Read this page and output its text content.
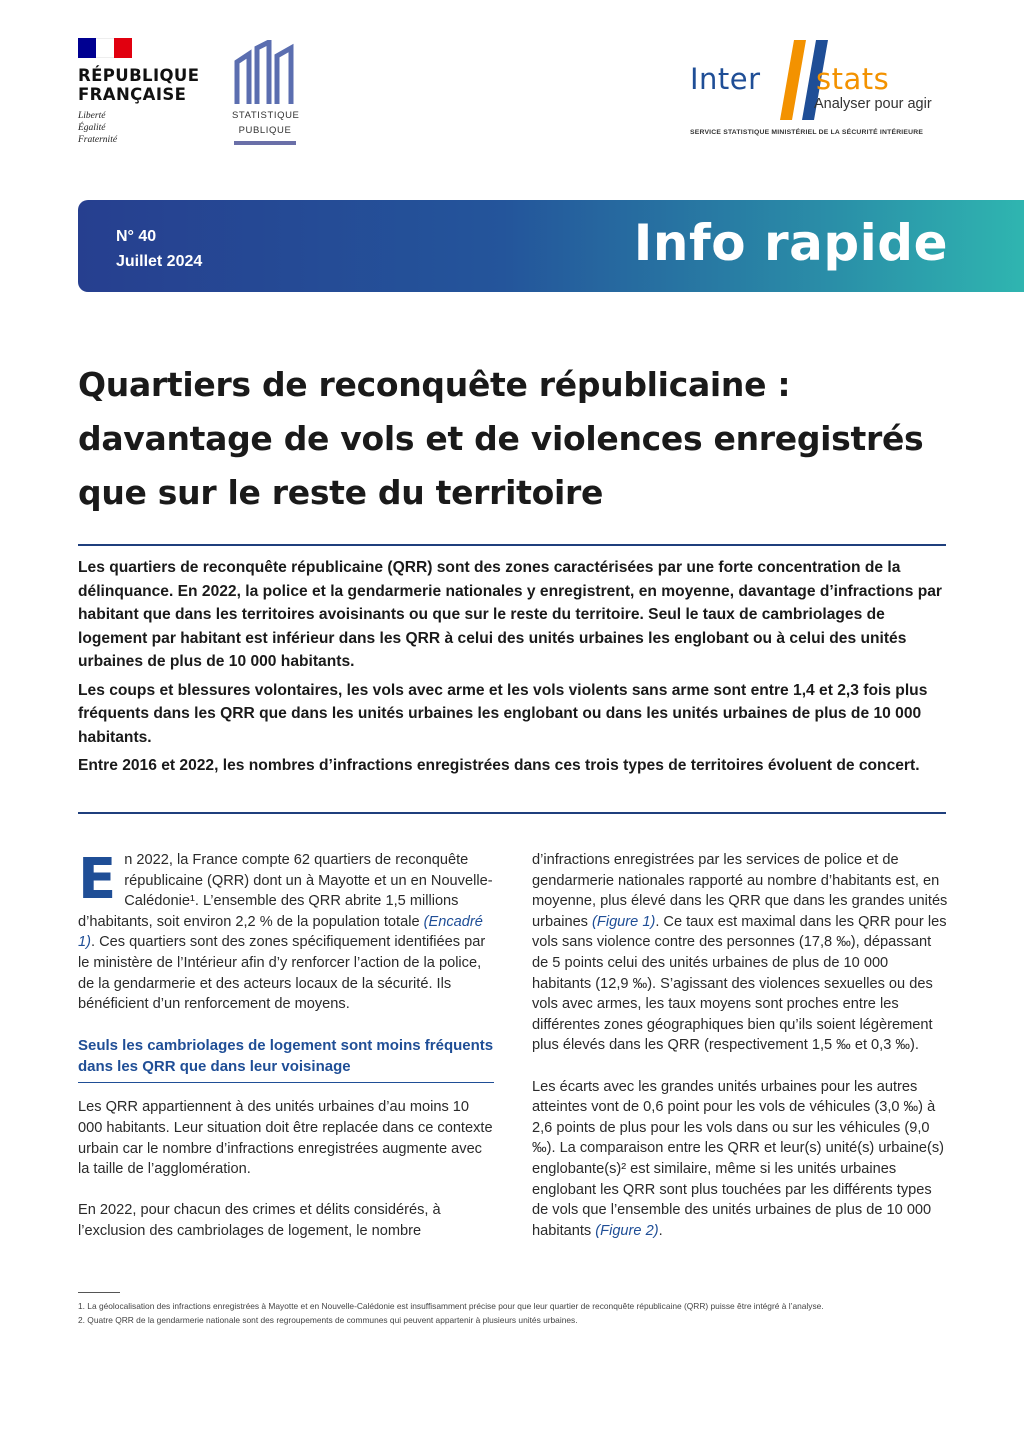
RÉPUBLIQUE
FRANÇAISE
Liberté
Égalité
Fraternité
STATISTIQUE
PUBLIQUE
Inter stats
Analyser pour agir
SERVICE STATISTIQUE MINISTÉRIEL DE LA SÉCURITÉ INTÉRIEURE
N° 40
Juillet 2024	Info rapide
Quartiers de reconquête républicaine :
davantage de vols et de violences enregistrés
que sur le reste du territoire

Les quartiers de reconquête républicaine (QRR) sont des zones caractérisées par une forte concentration de la délinquance. En 2022, la police et la gendarmerie nationales y enregistrent, en moyenne, davantage d’infractions par habitant que dans les territoires avoisinants ou que sur le reste du territoire. Seul le taux de cambriolages de logement par habitant est inférieur dans les QRR à celui des unités urbaines les englobant ou à celui des unités urbaines de plus de 10 000 habitants.

Les coups et blessures volontaires, les vols avec arme et les vols violents sans arme sont entre 1,4 et 2,3 fois plus fréquents dans les QRR que dans les unités urbaines les englobant ou dans les unités urbaines de plus de 10 000 habitants.

Entre 2016 et 2022, les nombres d’infractions enregistrées dans ces trois types de territoires évoluent de concert.

En 2022, la France compte 62 quartiers de reconquête républicaine (QRR) dont un à Mayotte et un en Nouvelle-Calédonie¹. L’ensemble des QRR abrite 1,5 millions d’habitants, soit environ 2,2 % de la population totale (Encadré 1). Ces quartiers sont des zones spécifiquement identifiées par le ministère de l’Intérieur afin d’y renforcer l’action de la police, de la gendarmerie et des acteurs locaux de la sécurité. Ils bénéficient d’un renforcement de moyens.

Seuls les cambriolages de logement sont moins fréquents dans les QRR que dans leur voisinage

Les QRR appartiennent à des unités urbaines d’au moins 10 000 habitants. Leur situation doit être replacée dans ce contexte urbain car le nombre d’infractions enregistrées augmente avec la taille de l’agglomération.

En 2022, pour chacun des crimes et délits considérés, à l’exclusion des cambriolages de logement, le nombre

d’infractions enregistrées par les services de police et de gendarmerie nationales rapporté au nombre d’habitants est, en moyenne, plus élevé dans les QRR que dans les grandes unités urbaines (Figure 1). Ce taux est maximal dans les QRR pour les vols sans violence contre des personnes (17,8 ‰), dépassant de 5 points celui des unités urbaines de plus de 10 000 habitants (12,9 ‰). S’agissant des violences sexuelles ou des vols avec armes, les taux moyens sont proches entre les différentes zones géographiques bien qu’ils soient légèrement plus élevés dans les QRR (respectivement 1,5 ‰ et 0,3 ‰).

Les écarts avec les grandes unités urbaines pour les autres atteintes vont de 0,6 point pour les vols de véhicules (3,0 ‰) à 2,6 points de plus pour les vols dans ou sur les véhicules (9,0 ‰). La comparaison entre les QRR et leur(s) unité(s) urbaine(s) englobante(s)² est similaire, même si les unités urbaines englobant les QRR sont plus touchées par les différents types de vols que l’ensemble des unités urbaines de plus de 10 000 habitants (Figure 2).

1. La géolocalisation des infractions enregistrées à Mayotte et en Nouvelle-Calédonie est insuffisamment précise pour que leur quartier de reconquête républicaine (QRR) puisse être intégré à l’analyse.

2. Quatre QRR de la gendarmerie nationale sont des regroupements de communes qui peuvent appartenir à plusieurs unités urbaines.
